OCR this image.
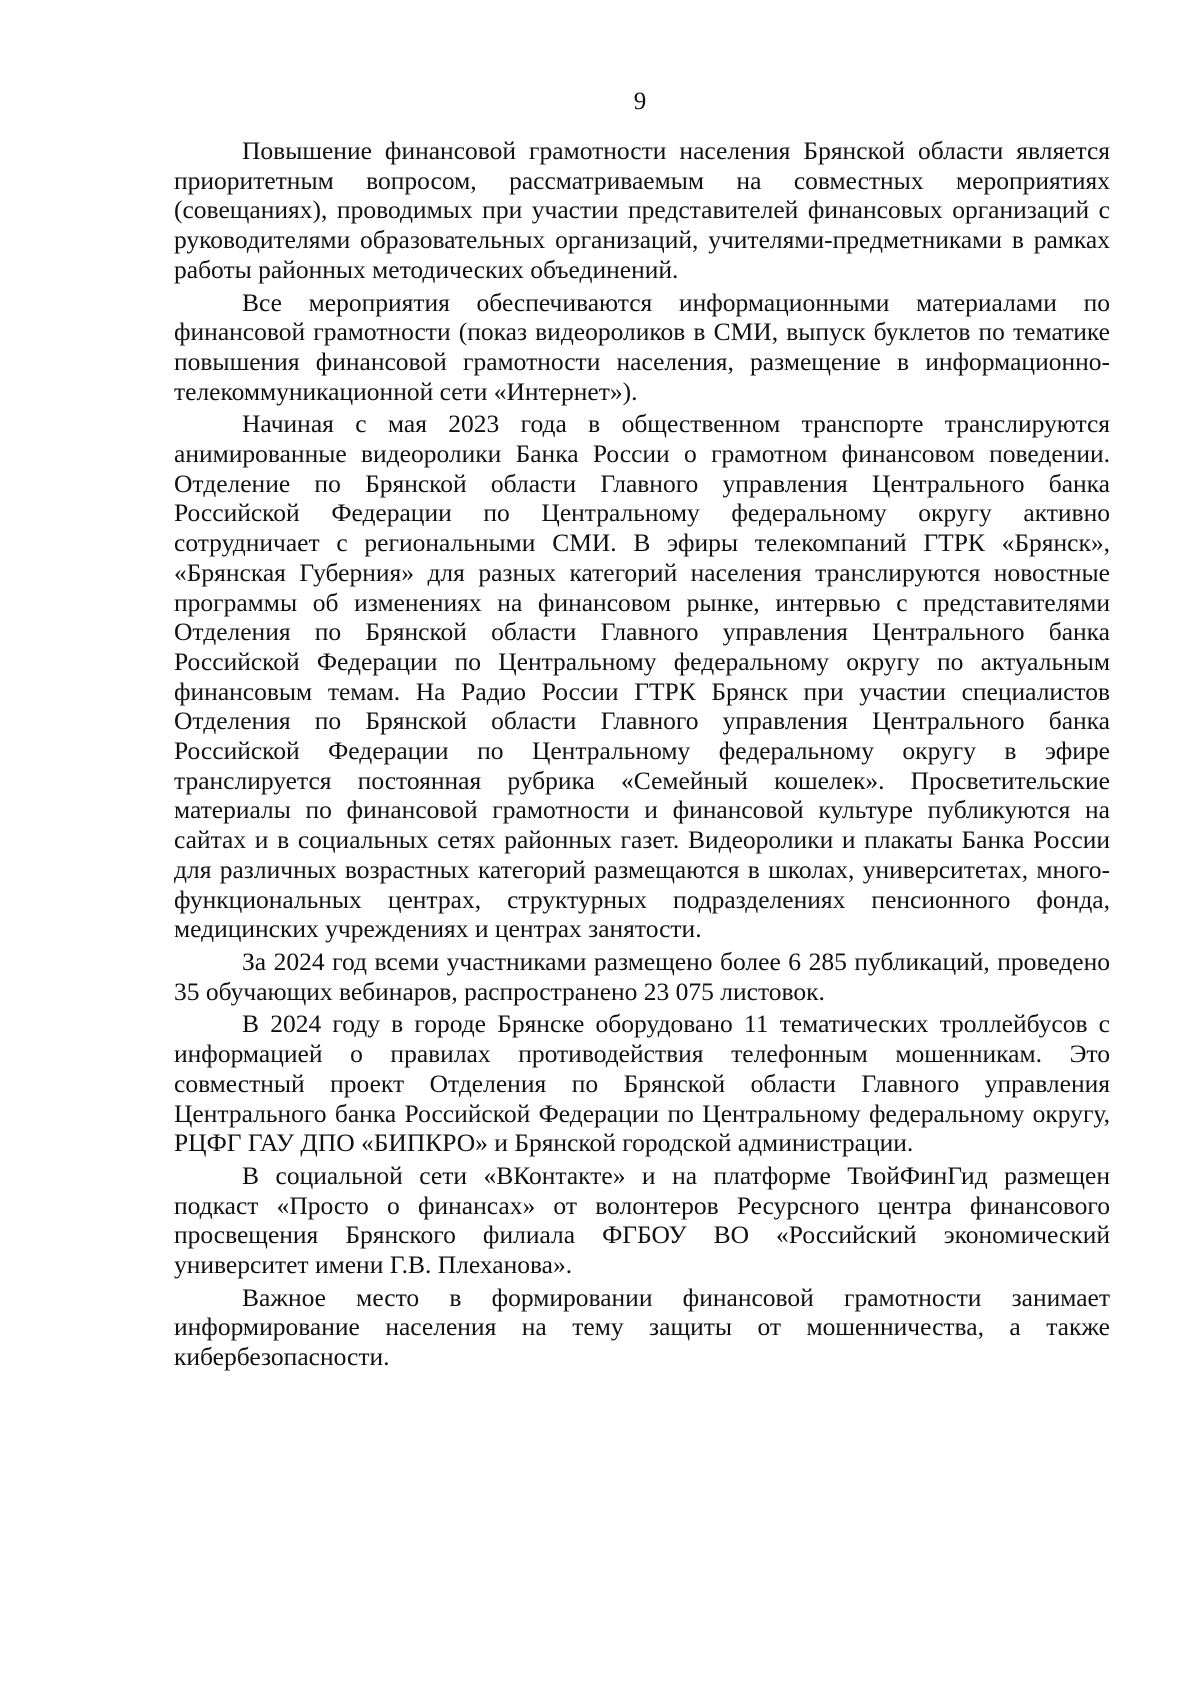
9

Повышение финансовой грамотности населения Брянской области является приоритетным вопросом, рассматриваемым на совместных мероприятиях (совещаниях), проводимых при участии представителей финансовых организаций с руководителями образовательных организаций, учителями-предметниками в рамках работы районных методических объединений.

Все мероприятия обеспечиваются информационными материалами по финансовой грамотности (показ видеороликов в СМИ, выпуск буклетов по тематике повышения финансовой грамотности населения, размещение в информационно-телекоммуникационной сети «Интернет»).

Начиная с мая 2023 года в общественном транспорте транслируются анимированные видеоролики Банка России о грамотном финансовом поведении. Отделение по Брянской области Главного управления Центрального банка Российской Федерации по Центральному федеральному округу активно сотрудничает с региональными СМИ. В эфиры телекомпаний ГТРК «Брянск», «Брянская Губерния» для разных категорий населения транслируются новостные программы об изменениях на финансовом рынке, интервью с представителями Отделения по Брянской области Главного управления Центрального банка Российской Федерации по Центральному федеральному округу по актуальным финансовым темам. На Радио России ГТРК Брянск при участии специалистов Отделения по Брянской области Главного управления Центрального банка Российской Федерации по Центральному федеральному округу в эфире транслируется постоянная рубрика «Семейный кошелек». Просветительские материалы по финансовой грамотности и финансовой культуре публикуются на сайтах и в социальных сетях районных газет. Видеоролики и плакаты Банка России для различных возрастных категорий размещаются в школах, университетах, многофункциональных центрах, структурных подразделениях пенсионного фонда, медицинских учреждениях и центрах занятости.

За 2024 год всеми участниками размещено более 6 285 публикаций, проведено 35 обучающих вебинаров, распространено 23 075 листовок.

В 2024 году в городе Брянске оборудовано 11 тематических троллейбусов с информацией о правилах противодействия телефонным мошенникам. Это совместный проект Отделения по Брянской области Главного управления Центрального банка Российской Федерации по Центральному федеральному округу, РЦФГ ГАУ ДПО «БИПКРО» и Брянской городской администрации.

В социальной сети «ВКонтакте» и на платформе ТвойФинГид размещен подкаст «Просто о финансах» от волонтеров Ресурсного центра финансового просвещения Брянского филиала ФГБОУ ВО «Российский экономический университет имени Г.В. Плеханова».

Важное место в формировании финансовой грамотности занимает информирование населения на тему защиты от мошенничества, а также кибербезопасности.
